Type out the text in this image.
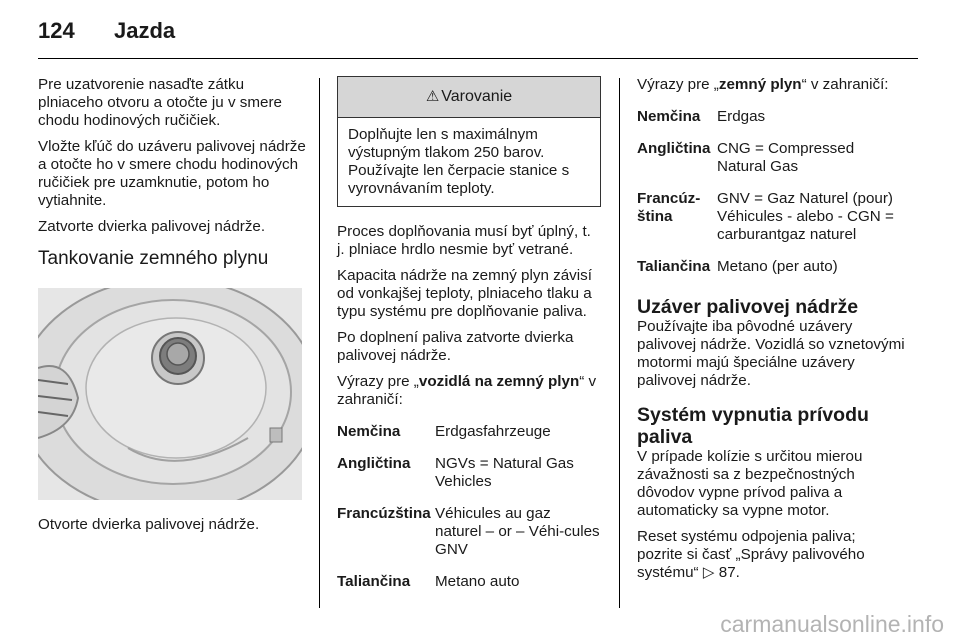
124 Jazda

Pre uzatvorenie nasaďte zátku plniaceho otvoru a otočte ju v smere chodu hodinových ručičiek.

Vložte kľúč do uzáveru palivovej nádrže a otočte ho v smere chodu hodinových ručičiek pre uzamknutie, potom ho vytiahnite.

Zatvorte dvierka palivovej nádrže.

Tankovanie zemného plynu

Otvorte dvierka palivovej nádrže.

⚠ Varovanie
Doplňujte len s maximálnym výstupným tlakom 250 barov. Používajte len čerpacie stanice s vyrovnávaním teploty.

Proces doplňovania musí byť úplný, t. j. plniace hrdlo nesmie byť vetrané.

Kapacita nádrže na zemný plyn závisí od vonkajšej teploty, plniaceho tlaku a typu systému pre doplňovanie paliva.

Po doplnení paliva zatvorte dvierka palivovej nádrže.

Výrazy pre „vozidlá na zemný plyn“ v zahraničí:

Nemčina	Erdgasfahrzeuge
Angličtina	NGVs = Natural Gas Vehicles
Francúzština	Véhicules au gaz naturel – or – Véhi-cules GNV
Taliančina	Metano auto

Výrazy pre „zemný plyn“ v zahraničí:

Nemčina	Erdgas
Angličtina	CNG = Compressed Natural Gas
Francúz-ština	GNV = Gaz Naturel (pour) Véhicules - alebo - CGN = carburantgaz naturel
Taliančina	Metano (per auto)
Uzáver palivovej nádrže

Používajte iba pôvodné uzávery palivovej nádrže. Vozidlá so vznetovými motormi majú špeciálne uzávery palivovej nádrže.

Systém vypnutia prívodu paliva

V prípade kolízie s určitou mierou závažnosti sa z bezpečnostných dôvodov vypne prívod paliva a automaticky sa vypne motor.

Reset systému odpojenia paliva; pozrite si časť „Správy palivového systému“ ▷ 87.

carmanualsonline.info
